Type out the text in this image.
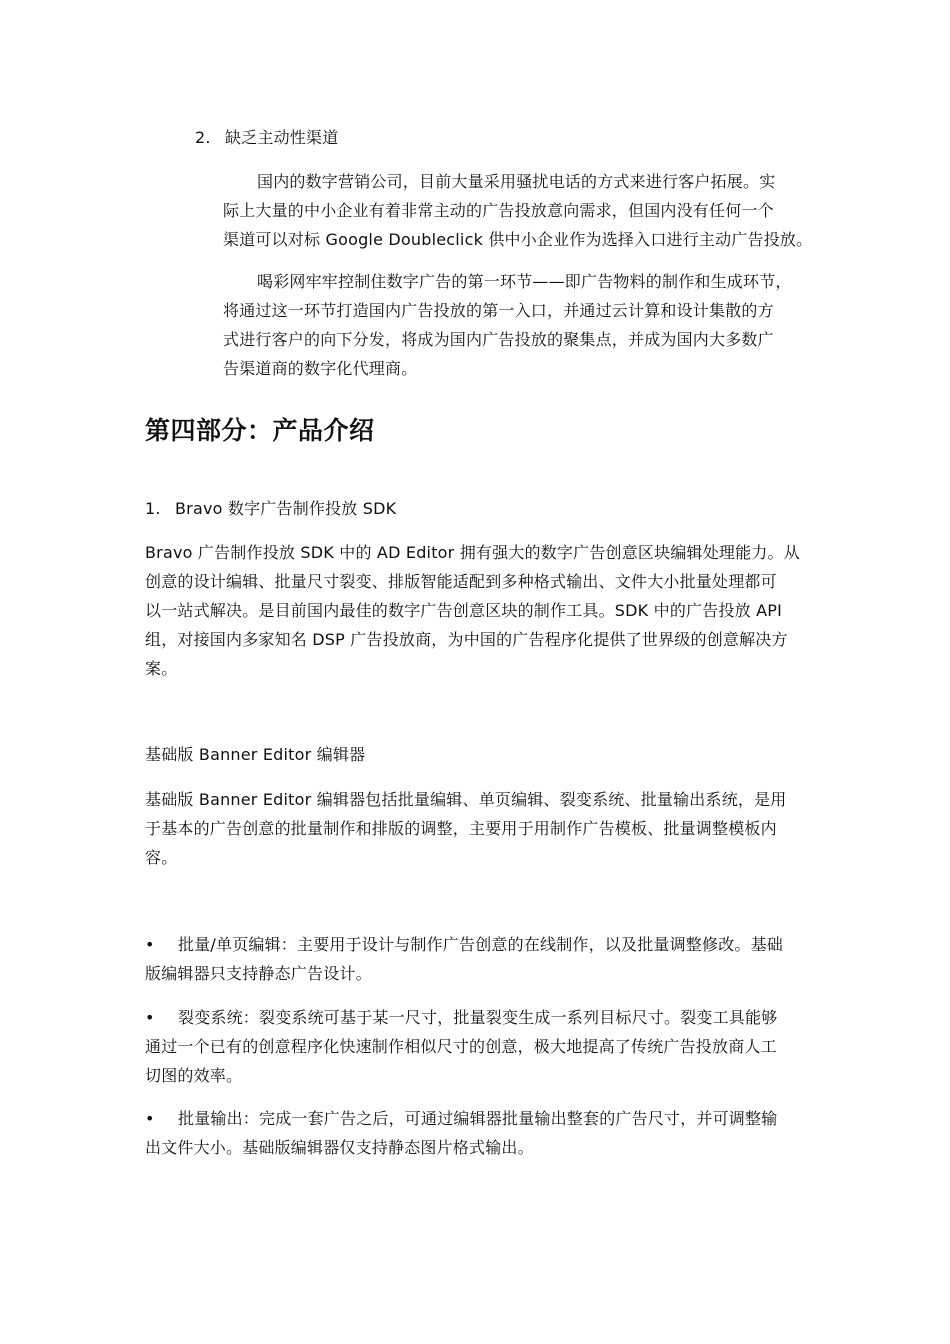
2. 缺乏主动性渠道
国内的数字营销公司，目前大量采用骚扰电话的方式来进行客户拓展。实
际上大量的中小企业有着非常主动的广告投放意向需求，但国内没有任何一个
渠道可以对标 Google Doubleclick 供中小企业作为选择入口进行主动广告投放。
喝彩网牢牢控制住数字广告的第一环节——即广告物料的制作和生成环节，
将通过这一环节打造国内广告投放的第一入口，并通过云计算和设计集散的方
式进行客户的向下分发，将成为国内广告投放的聚集点，并成为国内大多数广
告渠道商的数字化代理商。
第四部分：产品介绍
1. Bravo 数字广告制作投放 SDK
Bravo 广告制作投放 SDK 中的 AD Editor 拥有强大的数字广告创意区块编辑处理能力。从
创意的设计编辑、批量尺寸裂变、排版智能适配到多种格式输出、文件大小批量处理都可
以一站式解决。是目前国内最佳的数字广告创意区块的制作工具。SDK 中的广告投放 API
组，对接国内多家知名 DSP 广告投放商，为中国的广告程序化提供了世界级的创意解决方
案。
基础版 Banner Editor 编辑器
基础版 Banner Editor 编辑器包括批量编辑、单页编辑、裂变系统、批量输出系统，是用
于基本的广告创意的批量制作和排版的调整，主要用于用制作广告模板、批量调整模板内
容。
• 批量/单页编辑：主要用于设计与制作广告创意的在线制作，以及批量调整修改。基础
版编辑器只支持静态广告设计。
• 裂变系统：裂变系统可基于某一尺寸，批量裂变生成一系列目标尺寸。裂变工具能够
通过一个已有的创意程序化快速制作相似尺寸的创意，极大地提高了传统广告投放商人工
切图的效率。
• 批量输出：完成一套广告之后，可通过编辑器批量输出整套的广告尺寸，并可调整输
出文件大小。基础版编辑器仅支持静态图片格式输出。
